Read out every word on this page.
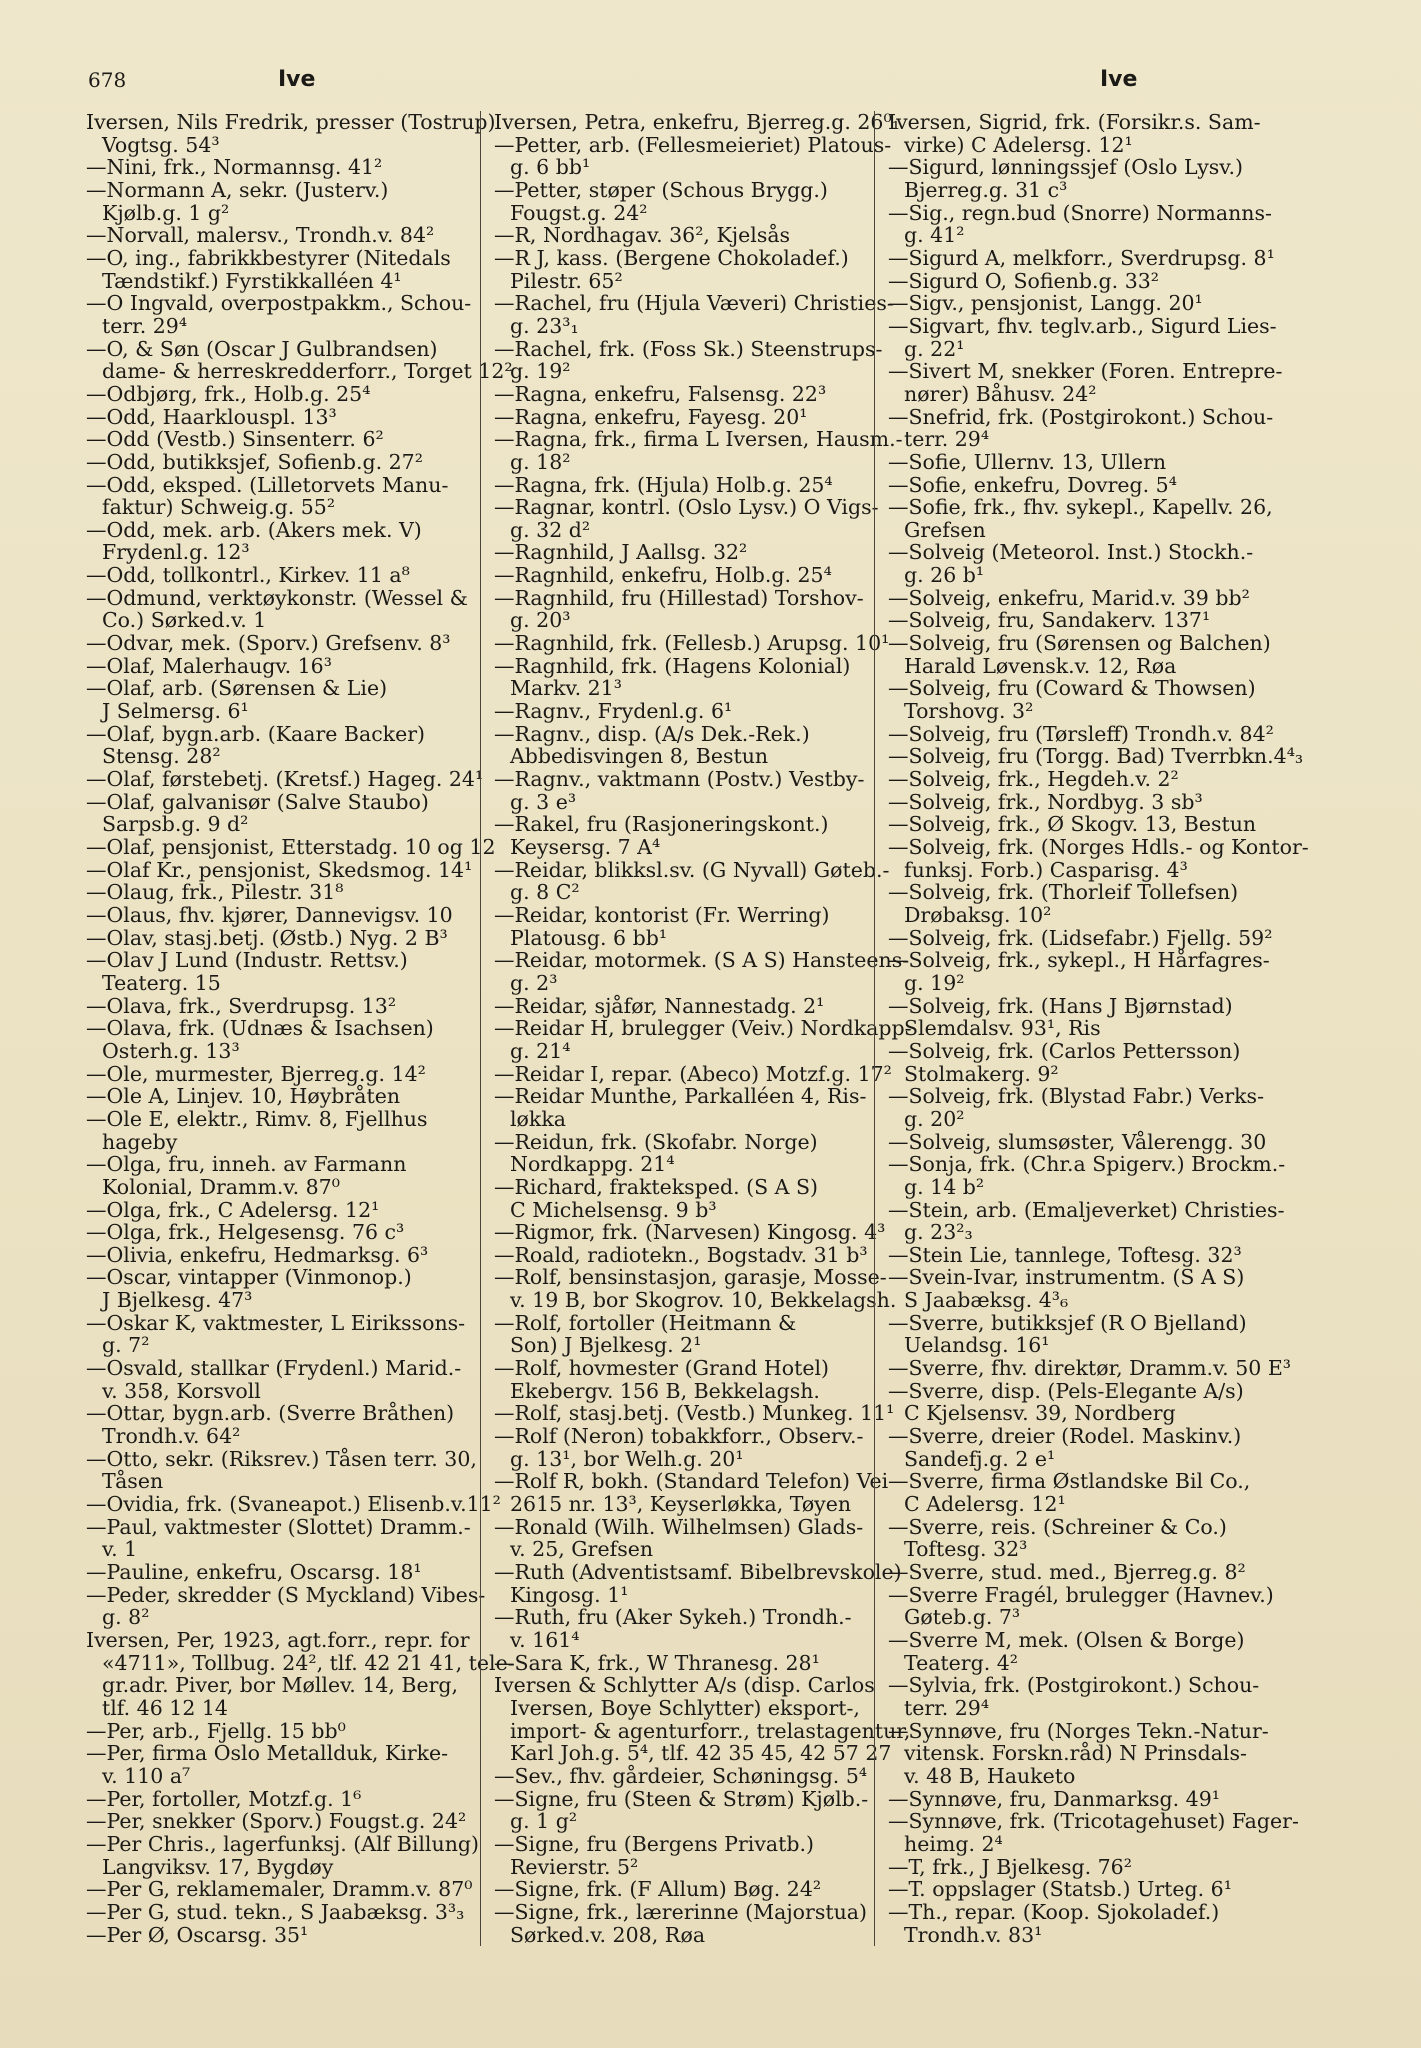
678	Ive	Ive
Iversen, Nils Fredrik, presser (Tostrup)
Vogtsg. 54³
—Nini, frk., Normannsg. 41²
—Normann A, sekr. (Justerv.)
Kjølb.g. 1 g²
—Norvall, malersv., Trondh.v. 84²
—O, ing., fabrikkbestyrer (Nitedals
Tændstikf.) Fyrstikkalléen 4¹
—O Ingvald, overpostpakkm., Schou-
terr. 29⁴
—O, & Søn (Oscar J Gulbrandsen)
dame- & herreskredderforr., Torget 12²
—Odbjørg, frk., Holb.g. 25⁴
—Odd, Haarklouspl. 13³
—Odd (Vestb.) Sinsenterr. 6²
—Odd, butikksjef, Sofienb.g. 27²
—Odd, eksped. (Lilletorvets Manu-
faktur) Schweig.g. 55²
—Odd, mek. arb. (Akers mek. V)
Frydenl.g. 12³
—Odd, tollkontrl., Kirkev. 11 a⁸
—Odmund, verktøykonstr. (Wessel &
Co.) Sørked.v. 1
—Odvar, mek. (Sporv.) Grefsenv. 8³
—Olaf, Malerhaugv. 16³
—Olaf, arb. (Sørensen & Lie)
J Selmersg. 6¹
—Olaf, bygn.arb. (Kaare Backer)
Stensg. 28²
—Olaf, førstebetj. (Kretsf.) Hageg. 24¹
—Olaf, galvanisør (Salve Staubo)
Sarpsb.g. 9 d²
—Olaf, pensjonist, Etterstadg. 10 og 12
—Olaf Kr., pensjonist, Skedsmog. 14¹
—Olaug, frk., Pilestr. 31⁸
—Olaus, fhv. kjører, Dannevigsv. 10
—Olav, stasj.betj. (Østb.) Nyg. 2 B³
—Olav J Lund (Industr. Rettsv.)
Teaterg. 15
—Olava, frk., Sverdrupsg. 13²
—Olava, frk. (Udnæs & Isachsen)
Osterh.g. 13³
—Ole, murmester, Bjerreg.g. 14²
—Ole A, Linjev. 10, Høybråten
—Ole E, elektr., Rimv. 8, Fjellhus
hageby
—Olga, fru, inneh. av Farmann
Kolonial, Dramm.v. 87⁰
—Olga, frk., C Adelersg. 12¹
—Olga, frk., Helgesensg. 76 c³
—Olivia, enkefru, Hedmarksg. 6³
—Oscar, vintapper (Vinmonop.)
J Bjelkesg. 47³
—Oskar K, vaktmester, L Eirikssons-
g. 7²
—Osvald, stallkar (Frydenl.) Marid.-
v. 358, Korsvoll
—Ottar, bygn.arb. (Sverre Bråthen)
Trondh.v. 64²
—Otto, sekr. (Riksrev.) Tåsen terr. 30,
Tåsen
—Ovidia, frk. (Svaneapot.) Elisenb.v.11²
—Paul, vaktmester (Slottet) Dramm.-
v. 1
—Pauline, enkefru, Oscarsg. 18¹
—Peder, skredder (S Myckland) Vibes-
g. 8²
Iversen, Per, 1923, agt.forr., repr. for
«4711», Tollbug. 24², tlf. 42 21 41, tele-
gr.adr. Piver, bor Møllev. 14, Berg,
tlf. 46 12 14
—Per, arb., Fjellg. 15 bb⁰
—Per, firma Oslo Metallduk, Kirke-
v. 110 a⁷
—Per, fortoller, Motzf.g. 1⁶
—Per, snekker (Sporv.) Fougst.g. 24²
—Per Chris., lagerfunksj. (Alf Billung)
Langviksv. 17, Bygdøy
—Per G, reklamemaler, Dramm.v. 87⁰
—Per G, stud. tekn., S Jaabæksg. 3³₃
—Per Ø, Oscarsg. 35¹
Iversen, Petra, enkefru, Bjerreg.g. 26⁰₁
—Petter, arb. (Fellesmeieriet) Platous-
g. 6 bb¹
—Petter, støper (Schous Brygg.)
Fougst.g. 24²
—R, Nordhagav. 36², Kjelsås
—R J, kass. (Bergene Chokoladef.)
Pilestr. 65²
—Rachel, fru (Hjula Væveri) Christies-
g. 23³₁
—Rachel, frk. (Foss Sk.) Steenstrups-
g. 19²
—Ragna, enkefru, Falsensg. 22³
—Ragna, enkefru, Fayesg. 20¹
—Ragna, frk., firma L Iversen, Hausm.-
g. 18²
—Ragna, frk. (Hjula) Holb.g. 25⁴
—Ragnar, kontrl. (Oslo Lysv.) O Vigs-
g. 32 d²
—Ragnhild, J Aallsg. 32²
—Ragnhild, enkefru, Holb.g. 25⁴
—Ragnhild, fru (Hillestad) Torshov-
g. 20³
—Ragnhild, frk. (Fellesb.) Arupsg. 10¹
—Ragnhild, frk. (Hagens Kolonial)
Markv. 21³
—Ragnv., Frydenl.g. 6¹
—Ragnv., disp. (A/s Dek.-Rek.)
Abbedisvingen 8, Bestun
—Ragnv., vaktmann (Postv.) Vestby-
g. 3 e³
—Rakel, fru (Rasjoneringskont.)
Keysersg. 7 A⁴
—Reidar, blikksl.sv. (G Nyvall) Gøteb.-
g. 8 C²
—Reidar, kontorist (Fr. Werring)
Platousg. 6 bb¹
—Reidar, motormek. (S A S) Hansteens-
g. 2³
—Reidar, sjåfør, Nannestadg. 2¹
—Reidar H, brulegger (Veiv.) Nordkapp-
g. 21⁴
—Reidar I, repar. (Abeco) Motzf.g. 17²
—Reidar Munthe, Parkalléen 4, Ris-
løkka
—Reidun, frk. (Skofabr. Norge)
Nordkappg. 21⁴
—Richard, frakteksped. (S A S)
C Michelsensg. 9 b³
—Rigmor, frk. (Narvesen) Kingosg. 4³
—Roald, radiotekn., Bogstadv. 31 b³
—Rolf, bensinstasjon, garasje, Mosse-
v. 19 B, bor Skogrov. 10, Bekkelagsh.
—Rolf, fortoller (Heitmann &
Son) J Bjelkesg. 2¹
—Rolf, hovmester (Grand Hotel)
Ekebergv. 156 B, Bekkelagsh.
—Rolf, stasj.betj. (Vestb.) Munkeg. 11¹
—Rolf (Neron) tobakkforr., Observ.-
g. 13¹, bor Welh.g. 20¹
—Rolf R, bokh. (Standard Telefon) Vei
2615 nr. 13³, Keyserløkka, Tøyen
—Ronald (Wilh. Wilhelmsen) Glads-
v. 25, Grefsen
—Ruth (Adventistsamf. Bibelbrevskole)
Kingosg. 1¹
—Ruth, fru (Aker Sykeh.) Trondh.-
v. 161⁴
—Sara K, frk., W Thranesg. 28¹
Iversen & Schlytter A/s (disp. Carlos
Iversen, Boye Schlytter) eksport-,
import- & agenturforr., trelastagentur,
Karl Joh.g. 5⁴, tlf. 42 35 45, 42 57 27
—Sev., fhv. gårdeier, Schøningsg. 5⁴
—Signe, fru (Steen & Strøm) Kjølb.-
g. 1 g²
—Signe, fru (Bergens Privatb.)
Revierstr. 5²
—Signe, frk. (F Allum) Bøg. 24²
—Signe, frk., lærerinne (Majorstua)
Sørked.v. 208, Røa
Iversen, Sigrid, frk. (Forsikr.s. Sam-
virke) C Adelersg. 12¹
—Sigurd, lønningssjef (Oslo Lysv.)
Bjerreg.g. 31 c³
—Sig., regn.bud (Snorre) Normanns-
g. 41²
—Sigurd A, melkforr., Sverdrupsg. 8¹
—Sigurd O, Sofienb.g. 33²
—Sigv., pensjonist, Langg. 20¹
—Sigvart, fhv. teglv.arb., Sigurd Lies-
g. 22¹
—Sivert M, snekker (Foren. Entrepre-
nører) Båhusv. 24²
—Snefrid, frk. (Postgirokont.) Schou-
terr. 29⁴
—Sofie, Ullernv. 13, Ullern
—Sofie, enkefru, Dovreg. 5⁴
—Sofie, frk., fhv. sykepl., Kapellv. 26,
Grefsen
—Solveig (Meteorol. Inst.) Stockh.-
g. 26 b¹
—Solveig, enkefru, Marid.v. 39 bb²
—Solveig, fru, Sandakerv. 137¹
—Solveig, fru (Sørensen og Balchen)
Harald Løvensk.v. 12, Røa
—Solveig, fru (Coward & Thowsen)
Torshovg. 3²
—Solveig, fru (Tørsleff) Trondh.v. 84²
—Solveig, fru (Torgg. Bad) Tverrbkn.4⁴₃
—Solveig, frk., Hegdeh.v. 2²
—Solveig, frk., Nordbyg. 3 sb³
—Solveig, frk., Ø Skogv. 13, Bestun
—Solveig, frk. (Norges Hdls.- og Kontor-
funksj. Forb.) Casparisg. 4³
—Solveig, frk. (Thorleif Tollefsen)
Drøbaksg. 10²
—Solveig, frk. (Lidsefabr.) Fjellg. 59²
—Solveig, frk., sykepl., H Hårfagres-
g. 19²
—Solveig, frk. (Hans J Bjørnstad)
Slemdalsv. 93¹, Ris
—Solveig, frk. (Carlos Pettersson)
Stolmakerg. 9²
—Solveig, frk. (Blystad Fabr.) Verks-
g. 20²
—Solveig, slumsøster, Vålerengg. 30
—Sonja, frk. (Chr.a Spigerv.) Brockm.-
g. 14 b²
—Stein, arb. (Emaljeverket) Christies-
g. 23²₃
—Stein Lie, tannlege, Toftesg. 32³
—Svein-Ivar, instrumentm. (S A S)
S Jaabæksg. 4³₆
—Sverre, butikksjef (R O Bjelland)
Uelandsg. 16¹
—Sverre, fhv. direktør, Dramm.v. 50 E³
—Sverre, disp. (Pels-Elegante A/s)
C Kjelsensv. 39, Nordberg
—Sverre, dreier (Rodel. Maskinv.)
Sandefj.g. 2 e¹
—Sverre, firma Østlandske Bil Co.,
C Adelersg. 12¹
—Sverre, reis. (Schreiner & Co.)
Toftesg. 32³
—Sverre, stud. med., Bjerreg.g. 8²
—Sverre Fragél, brulegger (Havnev.)
Gøteb.g. 7³
—Sverre M, mek. (Olsen & Borge)
Teaterg. 4²
—Sylvia, frk. (Postgirokont.) Schou-
terr. 29⁴
—Synnøve, fru (Norges Tekn.-Natur-
vitensk. Forskn.råd) N Prinsdals-
v. 48 B, Hauketo
—Synnøve, fru, Danmarksg. 49¹
—Synnøve, frk. (Tricotagehuset) Fager-
heimg. 2⁴
—T, frk., J Bjelkesg. 76²
—T. oppslager (Statsb.) Urteg. 6¹
—Th., repar. (Koop. Sjokoladef.)
Trondh.v. 83¹
